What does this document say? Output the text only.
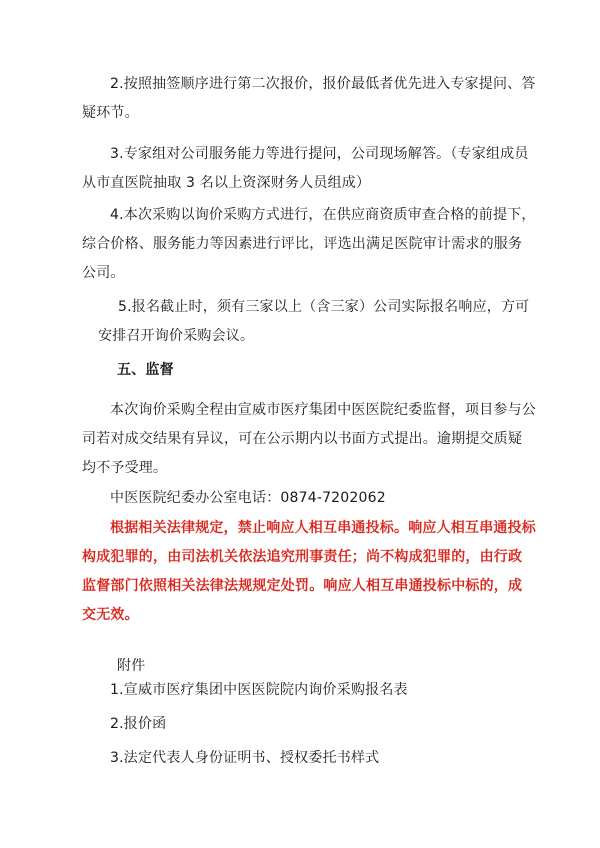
2.按照抽签顺序进行第二次报价，报价最低者优先进入专家提问、答
疑环节。
3.专家组对公司服务能力等进行提问，公司现场解答。（专家组成员
从市直医院抽取 3 名以上资深财务人员组成）
4.本次采购以询价采购方式进行，在供应商资质审查合格的前提下，
综合价格、服务能力等因素进行评比，评选出满足医院审计需求的服务
公司。
5.报名截止时，须有三家以上（含三家）公司实际报名响应，方可
安排召开询价采购会议。
五、监督
本次询价采购全程由宣威市医疗集团中医医院纪委监督，项目参与公
司若对成交结果有异议，可在公示期内以书面方式提出。逾期提交质疑
均不予受理。
中医医院纪委办公室电话：0874-7202062
根据相关法律规定，禁止响应人相互串通投标。响应人相互串通投标
构成犯罪的，由司法机关依法追究刑事责任；尚不构成犯罪的，由行政
监督部门依照相关法律法规规定处罚。响应人相互串通投标中标的，成
交无效。
附件
1.宣威市医疗集团中医医院院内询价采购报名表
2.报价函
3.法定代表人身份证明书、授权委托书样式
